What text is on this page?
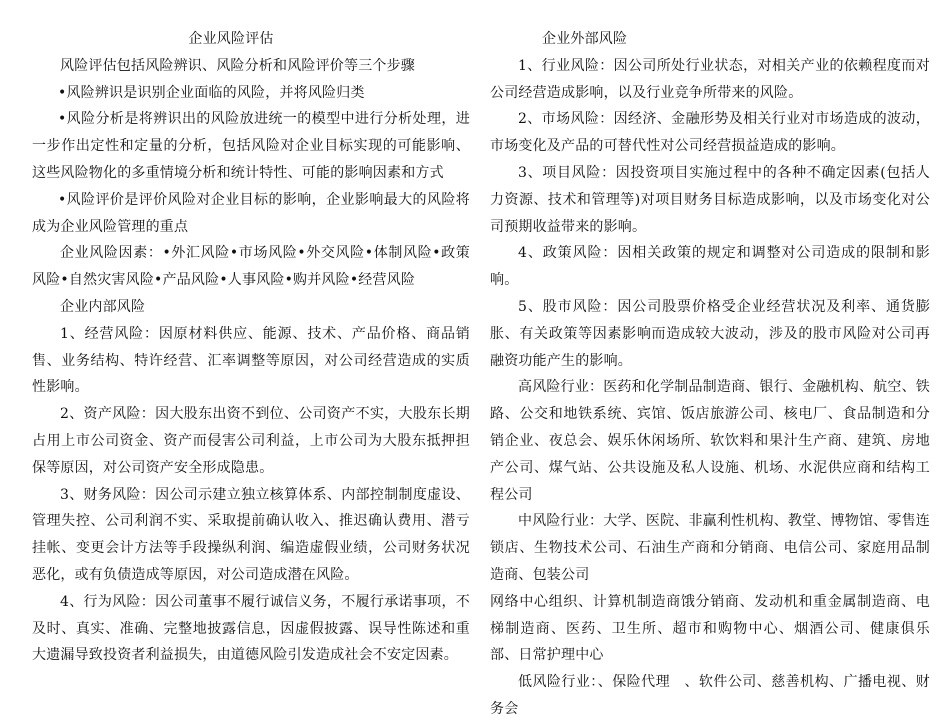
企业风险评估

风险评估包括风险辨识、风险分析和风险评价等三个步骤

•风险辨识是识别企业面临的风险，并将风险归类

•风险分析是将辨识出的风险放进统一的模型中进行分析处理，进一步作出定性和定量的分析，包括风险对企业目标实现的可能影响、这些风险物化的多重情境分析和统计特性、可能的影响因素和方式

•风险评价是评价风险对企业目标的影响，企业影响最大的风险将成为企业风险管理的重点

企业风险因素：•外汇风险•市场风险•外交风险•体制风险•政策风险•自然灾害风险•产品风险•人事风险•购并风险•经营风险

企业内部风险

1、经营风险：因原材料供应、能源、技术、产品价格、商品销售、业务结构、特许经营、汇率调整等原因，对公司经营造成的实质性影响。

2、资产风险：因大股东出资不到位、公司资产不实，大股东长期占用上市公司资金、资产而侵害公司利益，上市公司为大股东抵押担保等原因，对公司资产安全形成隐患。

3、财务风险：因公司示建立独立核算体系、内部控制制度虚设、管理失控、公司利润不实、采取提前确认收入、推迟确认费用、潜亏挂帐、变更会计方法等手段操纵利润、编造虚假业绩，公司财务状况恶化，或有负债造成等原因，对公司造成潜在风险。

4、行为风险：因公司董事不履行诚信义务，不履行承诺事项，不及时、真实、准确、完整地披露信息，因虚假披露、误导性陈述和重大遗漏导致投资者利益损失，由道德风险引发造成社会不安定因素。

企业外部风险

1、行业风险：因公司所处行业状态，对相关产业的依赖程度而对公司经营造成影响，以及行业竞争所带来的风险。

2、市场风险：因经济、金融形势及相关行业对市场造成的波动，市场变化及产品的可替代性对公司经营损益造成的影响。

3、项目风险：因投资项目实施过程中的各种不确定因素(包括人力资源、技术和管理等)对项目财务目标造成影响，以及市场变化对公司预期收益带来的影响。

4、政策风险：因相关政策的规定和调整对公司造成的限制和影响。

5、股市风险：因公司股票价格受企业经营状况及利率、通货膨胀、有关政策等因素影响而造成较大波动，涉及的股市风险对公司再融资功能产生的影响。

高风险行业：医药和化学制品制造商、银行、金融机构、航空、铁路、公交和地铁系统、宾馆、饭店旅游公司、核电厂、食品制造和分销企业、夜总会、娱乐休闲场所、软饮料和果汁生产商、建筑、房地产公司、煤气站、公共设施及私人设施、机场、水泥供应商和结构工程公司

中风险行业：大学、医院、非赢利性机构、教堂、博物馆、零售连锁店、生物技术公司、石油生产商和分销商、电信公司、家庭用品制造商、包装公司

网络中心组织、计算机制造商饿分销商、发动机和重金属制造商、电梯制造商、医药、卫生所、超市和购物中心、烟酒公司、健康俱乐部、日常护理中心

低风险行业：、保险代理　、软件公司、慈善机构、广播电视、财务会
